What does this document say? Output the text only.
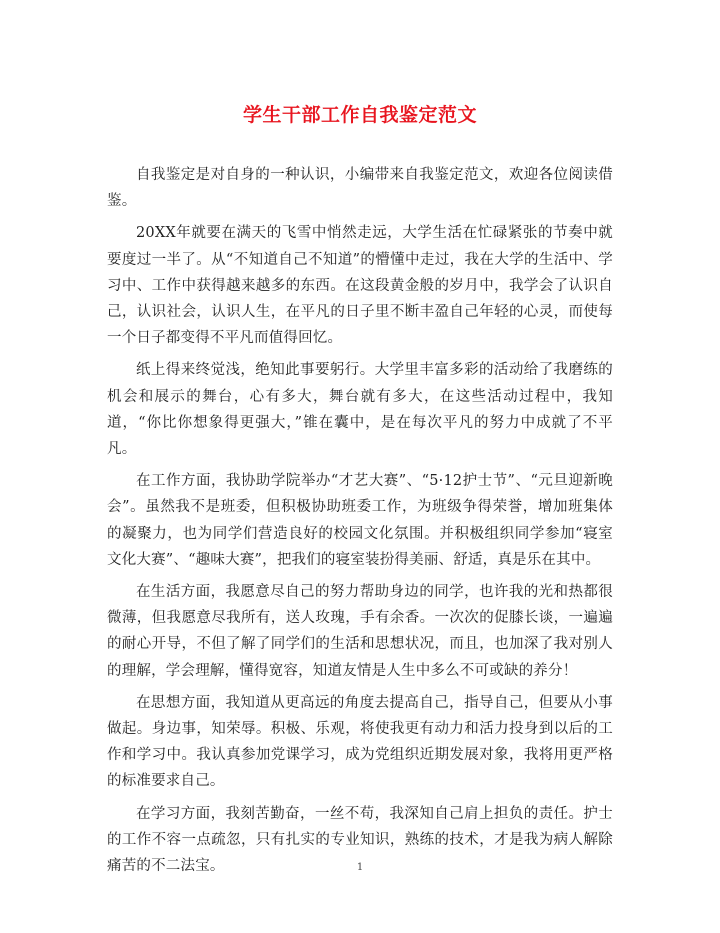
学生干部工作自我鉴定范文

自我鉴定是对自身的一种认识，小编带来自我鉴定范文，欢迎各位阅读借鉴。

20XX年就要在满天的飞雪中悄然走远，大学生活在忙碌紧张的节奏中就要度过一半了。从“不知道自己不知道”的懵懂中走过，我在大学的生活中、学习中、工作中获得越来越多的东西。在这段黄金般的岁月中，我学会了认识自己，认识社会，认识人生，在平凡的日子里不断丰盈自己年轻的心灵，而使每一个日子都变得不平凡而值得回忆。

纸上得来终觉浅，绝知此事要躬行。大学里丰富多彩的活动给了我磨练的机会和展示的舞台，心有多大，舞台就有多大，在这些活动过程中，我知道，“你比你想象得更强大，”锥在囊中，是在每次平凡的努力中成就了不平凡。

在工作方面，我协助学院举办“才艺大赛”、“5·12护士节”、“元旦迎新晚会”。虽然我不是班委，但积极协助班委工作，为班级争得荣誉，增加班集体的凝聚力，也为同学们营造良好的校园文化氛围。并积极组织同学参加“寝室文化大赛”、“趣味大赛”，把我们的寝室装扮得美丽、舒适，真是乐在其中。

在生活方面，我愿意尽自己的努力帮助身边的同学，也许我的光和热都很微薄，但我愿意尽我所有，送人玫瑰，手有余香。一次次的促膝长谈，一遍遍的耐心开导，不但了解了同学们的生活和思想状况，而且，也加深了我对别人的理解，学会理解，懂得宽容，知道友情是人生中多么不可或缺的养分！

在思想方面，我知道从更高远的角度去提高自己，指导自己，但要从小事做起。身边事，知荣辱。积极、乐观，将使我更有动力和活力投身到以后的工作和学习中。我认真参加党课学习，成为党组织近期发展对象，我将用更严格的标准要求自己。

在学习方面，我刻苦勤奋，一丝不苟，我深知自己肩上担负的责任。护士的工作不容一点疏忽，只有扎实的专业知识，熟练的技术，才是我为病人解除痛苦的不二法宝。	1
